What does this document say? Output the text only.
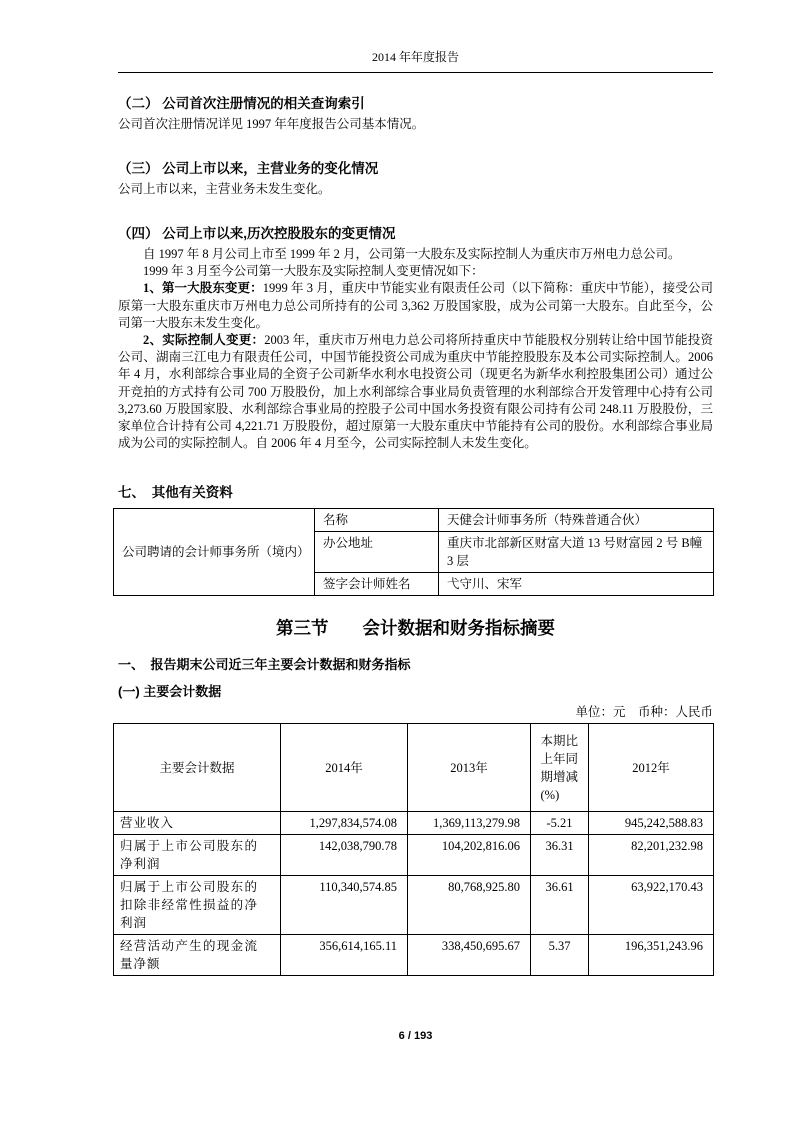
2014 年年度报告
（二） 公司首次注册情况的相关查询索引

公司首次注册情况详见 1997 年年度报告公司基本情况。

（三） 公司上市以来，主营业务的变化情况

公司上市以来，主营业务未发生变化。

（四） 公司上市以来,历次控股股东的变更情况

自 1997 年 8 月公司上市至 1999 年 2 月，公司第一大股东及实际控制人为重庆市万州电力总公司。

1999 年 3 月至今公司第一大股东及实际控制人变更情况如下：

1、第一大股东变更：1999 年 3 月，重庆中节能实业有限责任公司（以下简称：重庆中节能），接受公司原第一大股东重庆市万州电力总公司所持有的公司 3,362 万股国家股，成为公司第一大股东。自此至今，公司第一大股东未发生变化。

2、实际控制人变更：2003 年，重庆市万州电力总公司将所持重庆中节能股权分别转让给中国节能投资公司、湖南三江电力有限责任公司，中国节能投资公司成为重庆中节能控股股东及本公司实际控制人。2006 年 4 月，水利部综合事业局的全资子公司新华水利水电投资公司（现更名为新华水利控股集团公司）通过公开竞拍的方式持有公司 700 万股股份，加上水利部综合事业局负责管理的水利部综合开发管理中心持有公司 3,273.60 万股国家股、水利部综合事业局的控股子公司中国水务投资有限公司持有公司 248.11 万股股份，三家单位合计持有公司 4,221.71 万股股份，超过原第一大股东重庆中节能持有公司的股份。水利部综合事业局成为公司的实际控制人。自 2006 年 4 月至今，公司实际控制人未发生变化。

七、　其他有关资料
公司聘请的会计师事务所（境内）	名称	天健会计师事务所（特殊普通合伙）
	办公地址	重庆市北部新区财富大道 13 号财富园 2 号 B幢 3 层
	签字会计师姓名	弋守川、宋军
第三节 会计数据和财务指标摘要
一、　报告期末公司近三年主要会计数据和财务指标
(一) 主要会计数据
单位：元　币种：人民币
主要会计数据	2014年	2013年	本期比上年同期增减(%)	2012年
营业收入	1,297,834,574.08	1,369,113,279.98	-5.21	945,242,588.83
归属于上市公司股东的净利润	142,038,790.78	104,202,816.06	36.31	82,201,232.98
归属于上市公司股东的扣除非经常性损益的净利润	110,340,574.85	80,768,925.80	36.61	63,922,170.43
经营活动产生的现金流量净额	356,614,165.11	338,450,695.67	5.37	196,351,243.96
6 / 193
